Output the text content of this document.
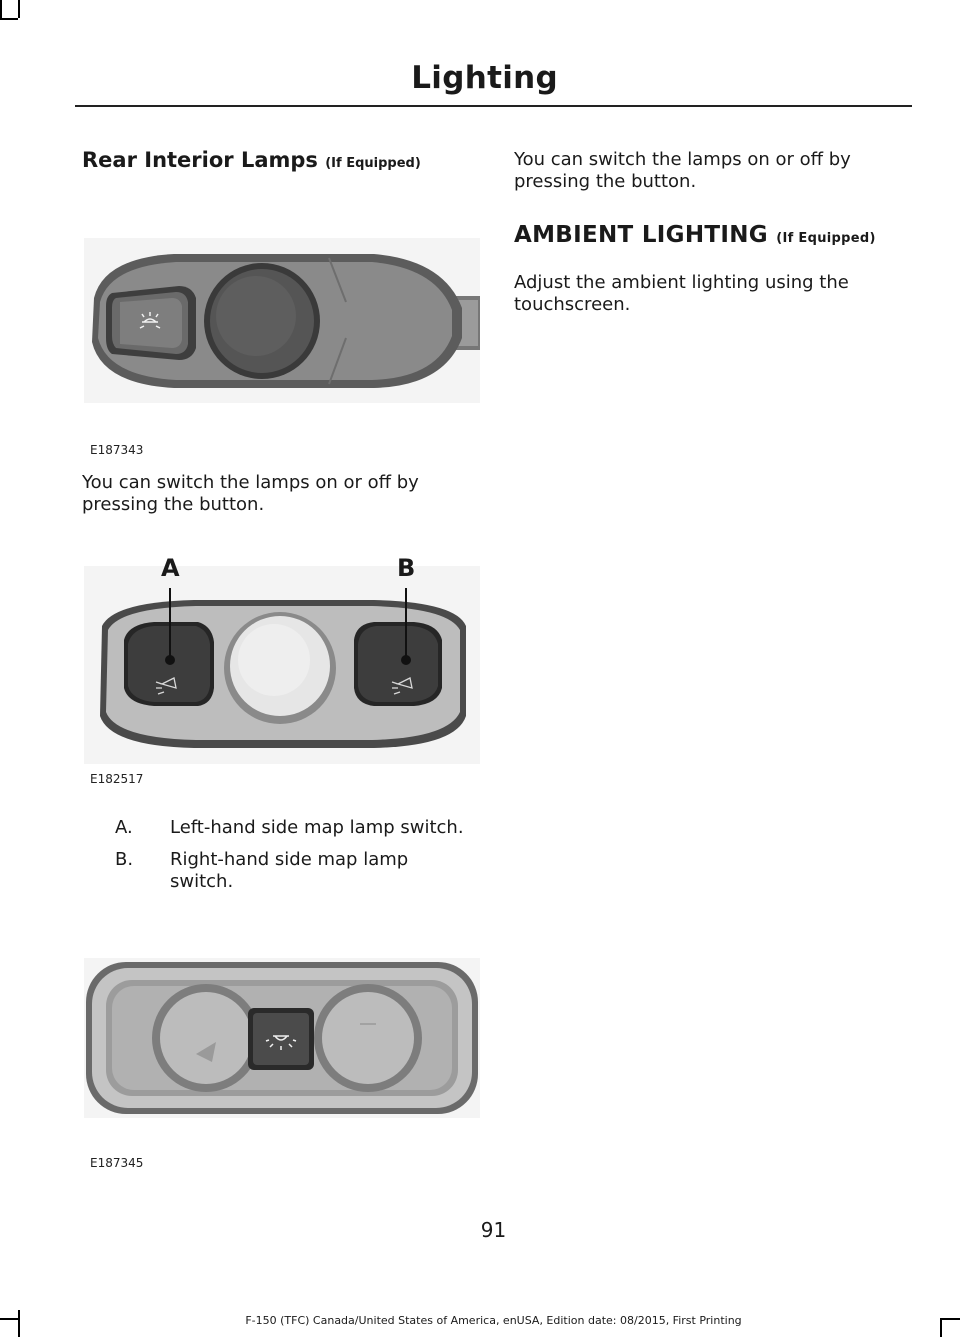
Lighting
Rear Interior Lamps (If Equipped)
E187343
You can switch the lamps on or off by pressing the button.
A	B
E182517
A. Left-hand side map lamp switch.
B. Right-hand side map lamp switch.
E187345
You can switch the lamps on or off by pressing the button.
AMBIENT LIGHTING (If Equipped)
Adjust the ambient lighting using the touchscreen.
91
F-150 (TFC) Canada/United States of America, enUSA, Edition date: 08/2015, First Printing
